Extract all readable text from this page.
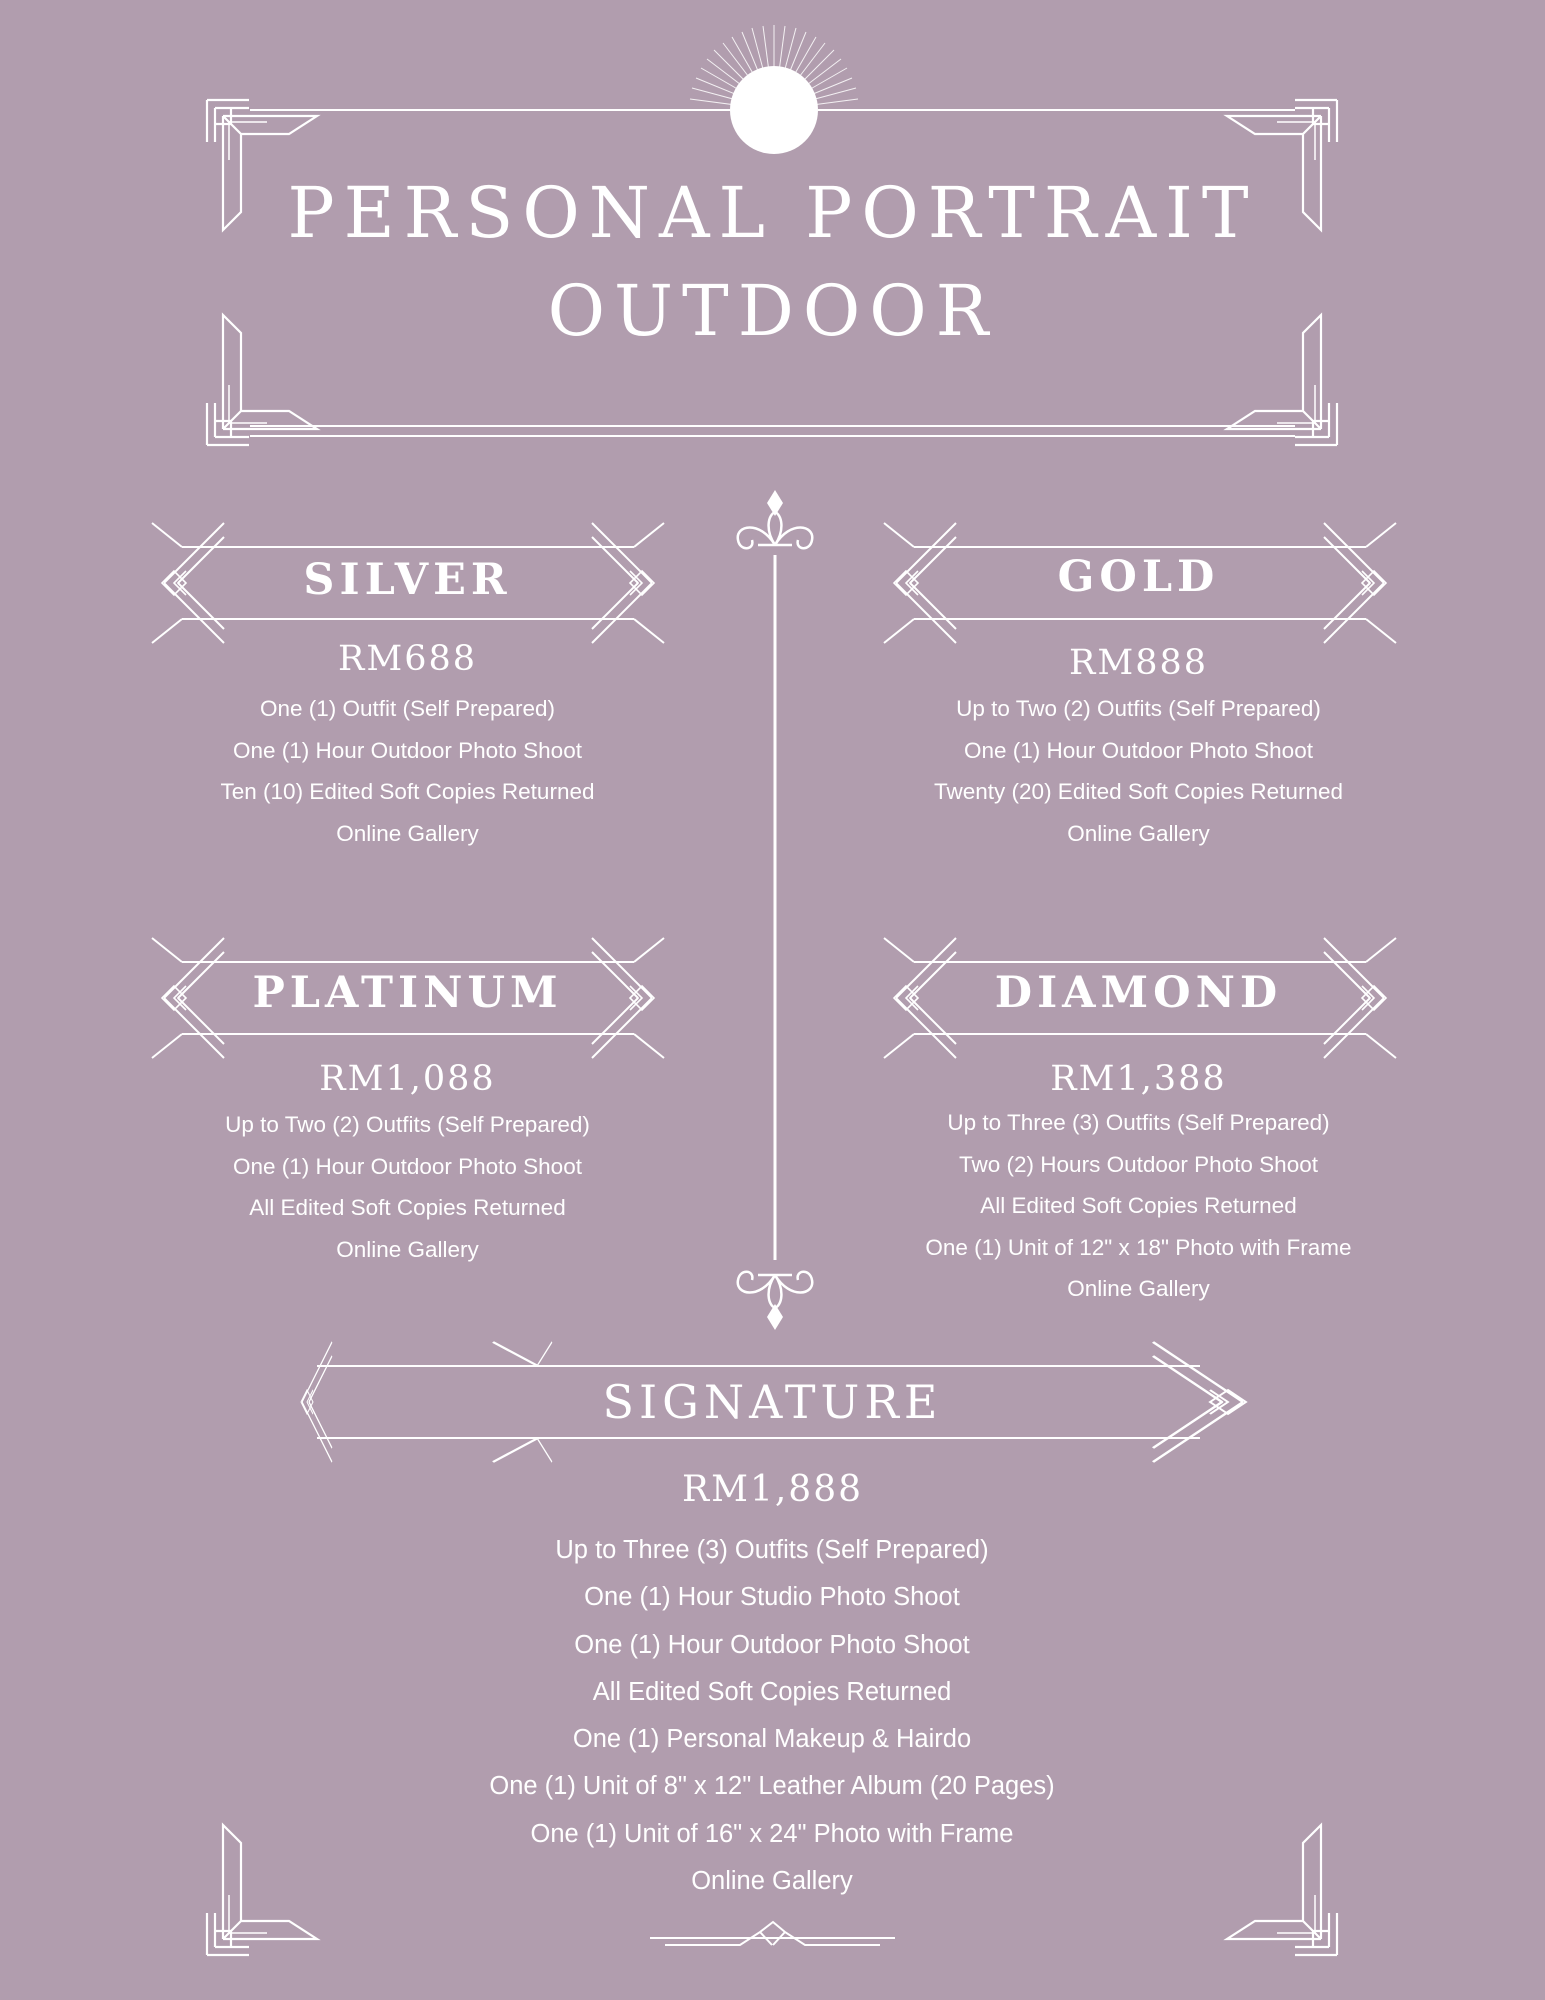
PERSONAL PORTRAIT
OUTDOOR
SILVER
RM688
One (1) Outfit (Self Prepared)
One (1) Hour Outdoor Photo Shoot
Ten (10) Edited Soft Copies Returned
Online Gallery
GOLD
RM888
Up to Two (2) Outfits (Self Prepared)
One (1) Hour Outdoor Photo Shoot
Twenty (20) Edited Soft Copies Returned
Online Gallery
PLATINUM
RM1,088
Up to Two (2) Outfits (Self Prepared)
One (1) Hour Outdoor Photo Shoot
All Edited Soft Copies Returned
Online Gallery
DIAMOND
RM1,388
Up to Three (3) Outfits (Self Prepared)
Two (2) Hours Outdoor Photo Shoot
All Edited Soft Copies Returned
One (1) Unit of 12" x 18" Photo with Frame
Online Gallery
SIGNATURE
RM1,888
Up to Three (3) Outfits (Self Prepared)
One (1) Hour Studio Photo Shoot
One (1) Hour Outdoor Photo Shoot
All Edited Soft Copies Returned
One (1) Personal Makeup & Hairdo
One (1) Unit of 8" x 12" Leather Album (20 Pages)
One (1) Unit of 16" x 24" Photo with Frame
Online Gallery
